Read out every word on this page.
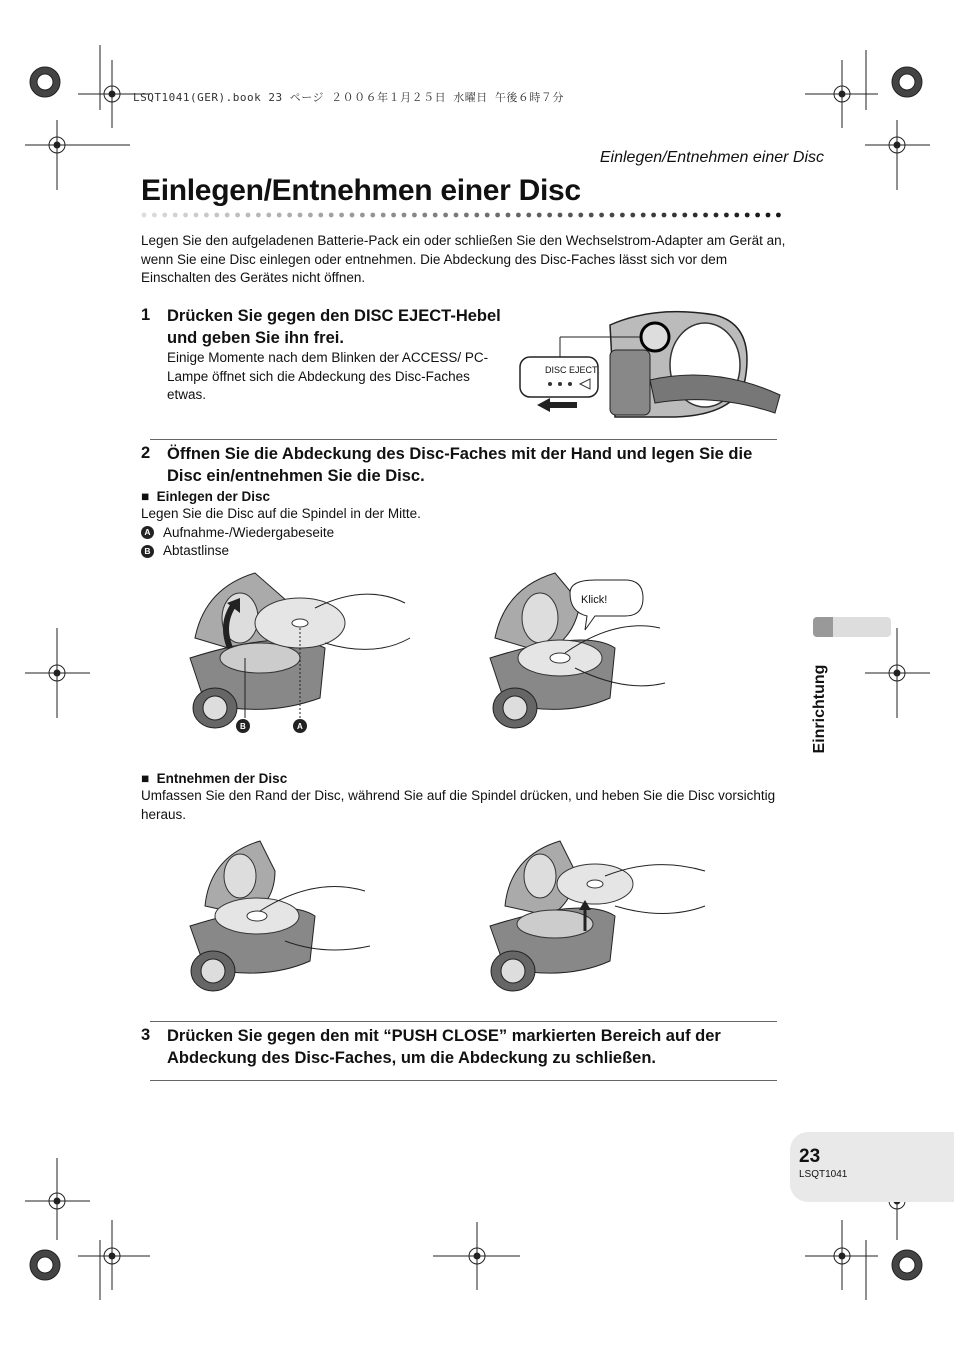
LSQT1041(GER).book 23 ページ ２００６年１月２５日 水曜日 午後６時７分
Einlegen/Entnehmen einer Disc
Einlegen/Entnehmen einer Disc
Legen Sie den aufgeladenen Batterie-Pack ein oder schließen Sie den Wechselstrom-Adapter am Gerät an, wenn Sie eine Disc einlegen oder entnehmen. Die Abdeckung des Disc-Faches lässt sich vor dem Einschalten des Gerätes nicht öffnen.
1 Drücken Sie gegen den DISC EJECT-Hebel und geben Sie ihn frei.
Einige Momente nach dem Blinken der ACCESS/ PC-Lampe öffnet sich die Abdeckung des Disc-Faches etwas.
DISC EJECT
2 Öffnen Sie die Abdeckung des Disc-Faches mit der Hand und legen Sie die Disc ein/entnehmen Sie die Disc.
■ Einlegen der Disc
Legen Sie die Disc auf die Spindel in der Mitte.
A Aufnahme-/Wiedergabeseite
B Abtastlinse
B	A
Klick!
■ Entnehmen der Disc
Umfassen Sie den Rand der Disc, während Sie auf die Spindel drücken, und heben Sie die Disc vorsichtig heraus.
3 Drücken Sie gegen den mit “PUSH CLOSE” markierten Bereich auf der Abdeckung des Disc-Faches, um die Abdeckung zu schließen.
Einrichtung
23
LSQT1041
